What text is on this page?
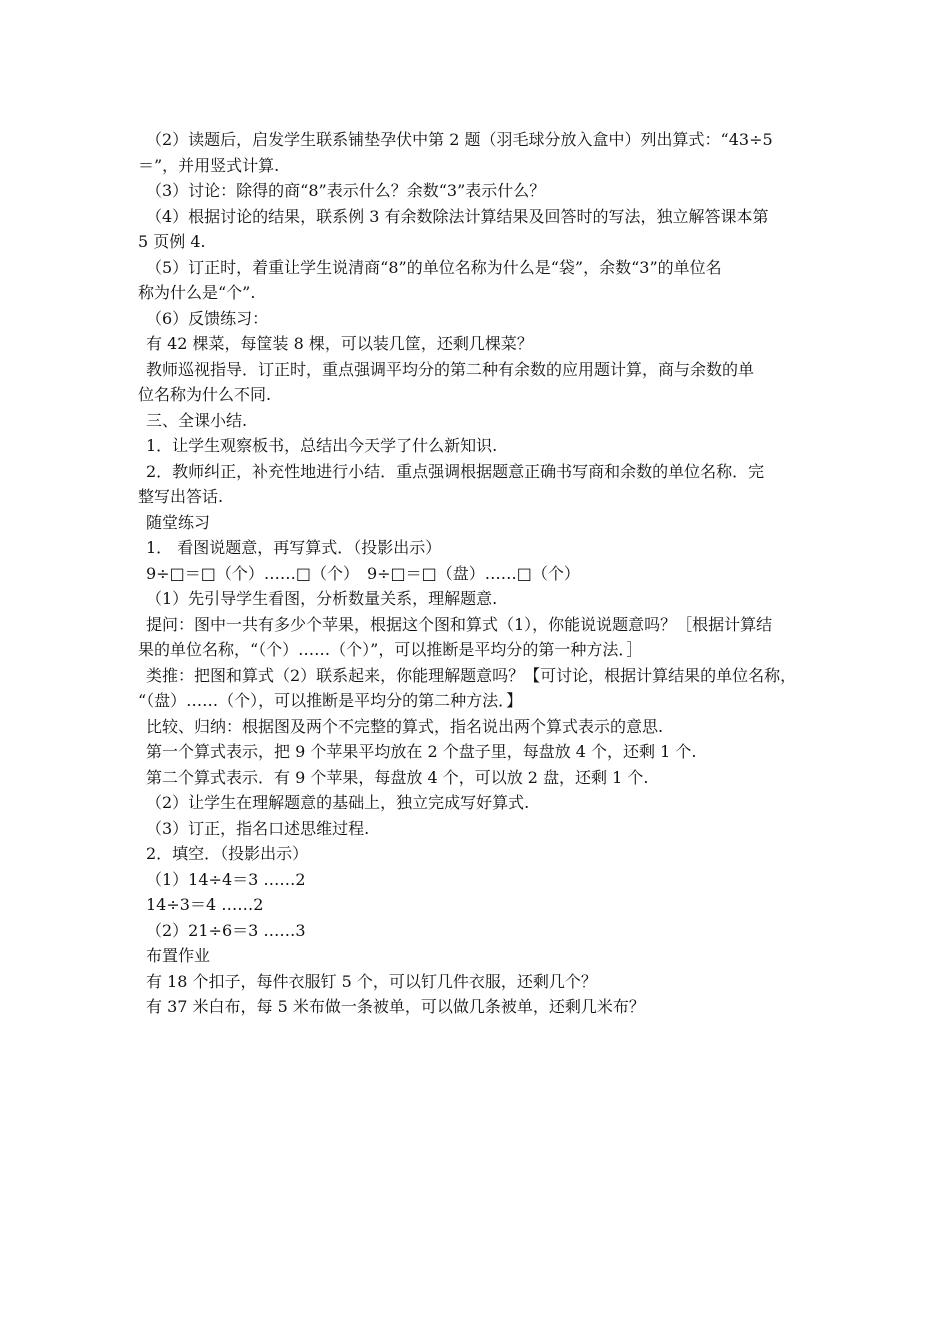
（2）读题后，启发学生联系铺垫孕伏中第 2 题（羽毛球分放入盒中）列出算式：“43÷5
＝”，并用竖式计算.
（3）讨论：除得的商“8”表示什么？余数“3”表示什么？
（4）根据讨论的结果，联系例 3 有余数除法计算结果及回答时的写法，独立解答课本第
5 页例 4.
（5）订正时，着重让学生说清商“8”的单位名称为什么是“袋”，余数“3”的单位名
称为什么是“个”.
（6）反馈练习：
有 42 棵菜，每筐装 8 棵，可以装几筐，还剩几棵菜？
教师巡视指导．订正时，重点强调平均分的第二种有余数的应用题计算，商与余数的单
位名称为什么不同.
三、全课小结.
1．让学生观察板书，总结出今天学了什么新知识.
2．教师纠正，补充性地进行小结．重点强调根据题意正确书写商和余数的单位名称．完
整写出答话.
随堂练习
1． 看图说题意，再写算式．（投影出示）
9÷□＝□（个）……□（个）　9÷□＝□（盘）……□（个）
（1）先引导学生看图，分析数量关系，理解题意.
提问：图中一共有多少个苹果，根据这个图和算式（1），你能说说题意吗？［根据计算结
果的单位名称，“（个）……（个）”，可以推断是平均分的第一种方法．］
类推：把图和算式（2）联系起来，你能理解题意吗？【可讨论，根据计算结果的单位名称，
“（盘）……（个），可以推断是平均分的第二种方法．】
比较、归纳：根据图及两个不完整的算式，指名说出两个算式表示的意思.
第一个算式表示，把 9 个苹果平均放在 2 个盘子里，每盘放 4 个，还剩 1 个.
第二个算式表示．有 9 个苹果，每盘放 4 个，可以放 2 盘，还剩 1 个.
（2）让学生在理解题意的基础上，独立完成写好算式.
（3）订正，指名口述思维过程.
2．填空．（投影出示）
（1）14÷4＝3 ……2
14÷3＝4 ……2
（2）21÷6＝3 ……3
布置作业
有 18 个扣子，每件衣服钉 5 个，可以钉几件衣服，还剩几个？
有 37 米白布，每 5 米布做一条被单，可以做几条被单，还剩几米布？
